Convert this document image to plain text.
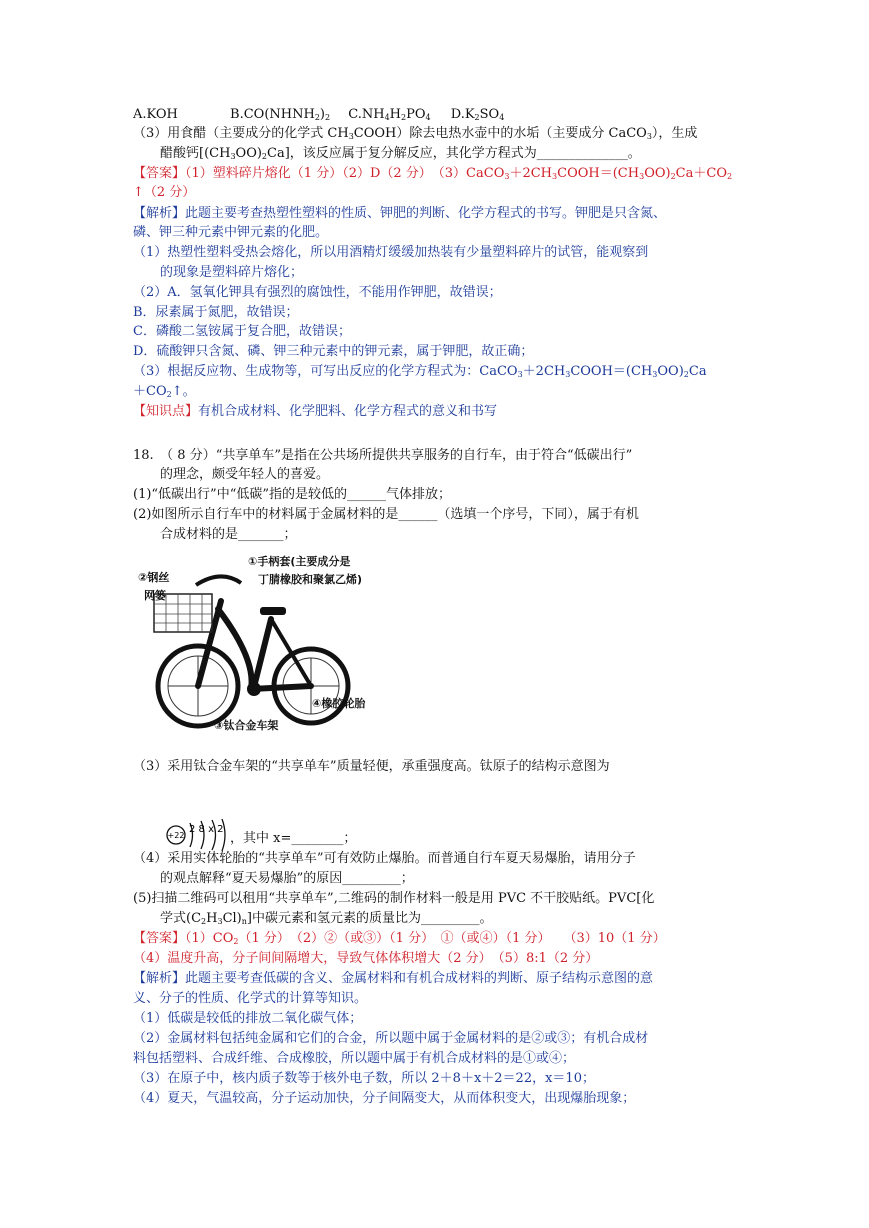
A.KOH	$B.CO(NHNH_2)_2$ $C.NH_4H_2PO_4$ $D.K_2SO_4$
（3）用食醋（主要成分的化学式 $CH_3COOH$）除去电热水壶中的水垢（主要成分 CaCO$_3$），生成
醋酸钙$[(CH_3OO)_2Ca]$，该反应属于复分解反应，其化学方程式为______________。
【答案】（1）塑料碎片熔化（1 分）（2）D（2 分）　$(3)CaCO_3+2CH_3COOH=(CH_3OO)_2Ca+CO_2$
↑（2 分）
【解析】此题主要考查热塑性塑料的性质、钾肥的判断、化学方程式的书写。钾肥是只含氮、
磷、钾三种元素中钾元素的化肥。
（1）热塑性塑料受热会熔化，所以用酒精灯缓缓加热装有少量塑料碎片的试管，能观察到
的现象是塑料碎片熔化；
（2）A．氢氧化钾具有强烈的腐蚀性，不能用作钾肥，故错误；
B．尿素属于氮肥，故错误；
C．磷酸二氢铵属于复合肥，故错误；
D．硫酸钾只含氮、磷、钾三种元素中的钾元素，属于钾肥，故正确；
（3）根据反应物、生成物等，可写出反应的化学方程式为：$CaCO_3+2CH_3COOH=(CH_3OO)_2Ca$
$+CO_2↑$。
【知识点】有机合成材料、化学肥料、化学方程式的意义和书写
18.　（ 8 分）“共享单车”是指在公共场所提供共享服务的自行车，由于符合“低碳出行”
的理念，颇受年轻人的喜爱。
(1)“低碳出行”中“低碳”指的是较低的______气体排放；
(2)如图所示自行车中的材料属于金属材料的是______（选填一个序号，下同），属于有机
合成材料的是_______；
①手柄套(主要成分是
丁腈橡胶和聚氯乙烯)
②钢丝
网篓
④橡胶轮胎
③钛合金车架
（3）采用钛合金车架的“共享单车”质量轻便，承重强度高。钛原子的结构示意图为
+22
2 8 x 2
，其中 x=________；
（4）采用实体轮胎的“共享单车”可有效防止爆胎。而普通自行车夏天易爆胎，请用分子
的观点解释“夏天易爆胎”的原因_________；
(5)扫描二维码可以租用“共享单车”,二维码的制作材料一般是用 PVC 不干胶贴纸。PVC[化
学式$(C_2H_3Cl)_n$]中碳元素和氢元素的质量比为_________。
【答案】$(1)CO_2(1$ 分）　（2）②（或③）（1 分）　①（或④）（1 分）　　（3）10（1 分）
（4）温度升高，分子间间隔增大，导致气体体积增大（2 分）　（5）8:1（2 分）
【解析】此题主要考查低碳的含义、金属材料和有机合成材料的判断、原子结构示意图的意
义、分子的性质、化学式的计算等知识。
（1）低碳是较低的排放二氧化碳气体；
（2）金属材料包括纯金属和它们的合金，所以题中属于金属材料的是②或③；有机合成材
料包括塑料、合成纤维、合成橡胶，所以题中属于有机合成材料的是①或④；
（3）在原子中，核内质子数等于核外电子数，所以 2＋8＋x＋2＝22，x＝10；
（4）夏天，气温较高，分子运动加快，分子间隔变大，从而体积变大，出现爆胎现象；
